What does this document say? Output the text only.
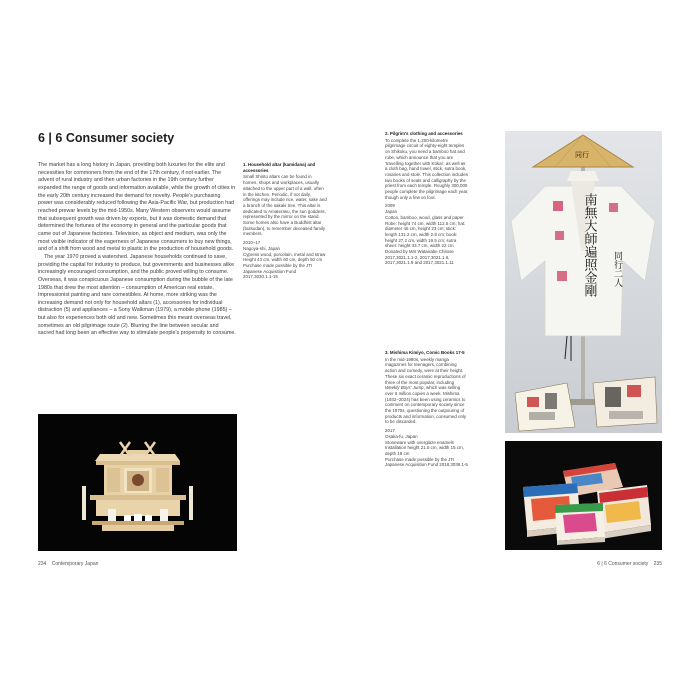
6 | 6 Consumer society

The market has a long history in Japan, providing both luxuries for the elite and necessities for commoners from the end of the 17th century, if not earlier. The advent of rural industry and then urban factories in the 19th century further expanded the range of goods and information available, while the growth of cities in the early 20th century increased the demand for novelty. People's purchasing power was considerably reduced following the Asia-Pacific War, but production had reached prewar levels by the mid-1950s. Many Western observers would assume that subsequent growth was driven by exports, but it was domestic demand that determined the fortunes of the economy in general and the particular goods that came out of Japanese factories. Television, as object and medium, was only the most visible indicator of the eagerness of Japanese consumers to buy new things, and of a shift from wood and metal to plastic in the production of household goods.

The year 1970 proved a watershed. Japanese households continued to save, providing the capital for industry to produce, but governments and businesses alike increasingly encouraged consumption, and the public proved willing to consume. Overseas, it was conspicuous Japanese consumption during the bubble of the late 1980s that drew the most attention – consumption of American real estate, Impressionist painting and rare comestibles. At home, more striking was the increasing demand not only for household altars (1), accessories for individual distraction (5) and appliances – a Sony Walkman (1979), a mobile phone (1985) – but also for experiences both old and new. Sometimes this meant overseas travel, sometimes an old pilgrimage route (2). Blurring the line between secular and sacred had long been an effective way to stimulate people's propensity to consume.

1. Household altar (kamidana) and accessories

Small Shinto altars can be found in homes, shops and workplaces, usually attached to the upper part of a wall, often in the kitchen. Periodic, if not daily, offerings may include rice, water, sake and a branch of the sakaki tree. This altar is dedicated to Amaterasu, the sun goddess, represented by the mirror on the stand. Some homes also have a Buddhist altar (butsudan), to remember deceased family members.

2010–17

Nagoya-shi, Japan

Cypress wood, porcelain, metal and straw

Height 43 cm, width 60 cm, depth 50 cm

Purchase made possible by the JTI Japanese Acquisition Fund 2017,3030.1.1-15

234 Contemporary Japan
2. Pilgrim's clothing and accessories

To complete the 1,200-kilometre pilgrimage circuit of eighty-eight temples on Shikoku, you need a bamboo hat and robe, which announce that you are 'travelling together with Kūkai', as well as a cloth bag, hand towel, stick, sutra book, rosaries and stole. This collection includes two books of seals and calligraphy by the priest from each temple. Roughly 300,000 people complete the pilgrimage each year, though only a few on foot.

2009

Japan

Cotton, bamboo, wood, glass and paper

Robe: height 74 cm, width 112.5 cm; hat: diameter 45 cm, height 23 cm; stick: length 131.2 cm, width 2.8 cm; book: height 27.2 cm, width 19.5 cm; sutra sheet: height 33.7 cm, width 22 cm

Donated by Mrs Watanabe Chitose 2017,3021.1.1-2, 2017,3021.1.6, 2017,3021.1.9 and 2017,3021.1.11

3. Mishima Kimiyo, Comic Books 17-5

In the mid-1980s, weekly manga magazines for teenagers, combining action and comedy, were at their height. These six exact ceramic reproductions of three of the most popular, including Weekly Boys' Jump, which was selling over 6 million copies a week. Mishima (1932–2024) has been using ceramics to comment on contemporary society since the 1970s, questioning the outpouring of products and information, consumed only to be discarded.

2017

Osaka-fu, Japan

Stoneware with overglaze enamels

Installation height 21.5 cm, width 15 cm, depth 18 cm

Purchase made possible by the JTI Japanese Acquisition Fund 2018,3036.1-5

同行
南無大師遍照金剛 同行二人
6 | 6 Consumer society 235
